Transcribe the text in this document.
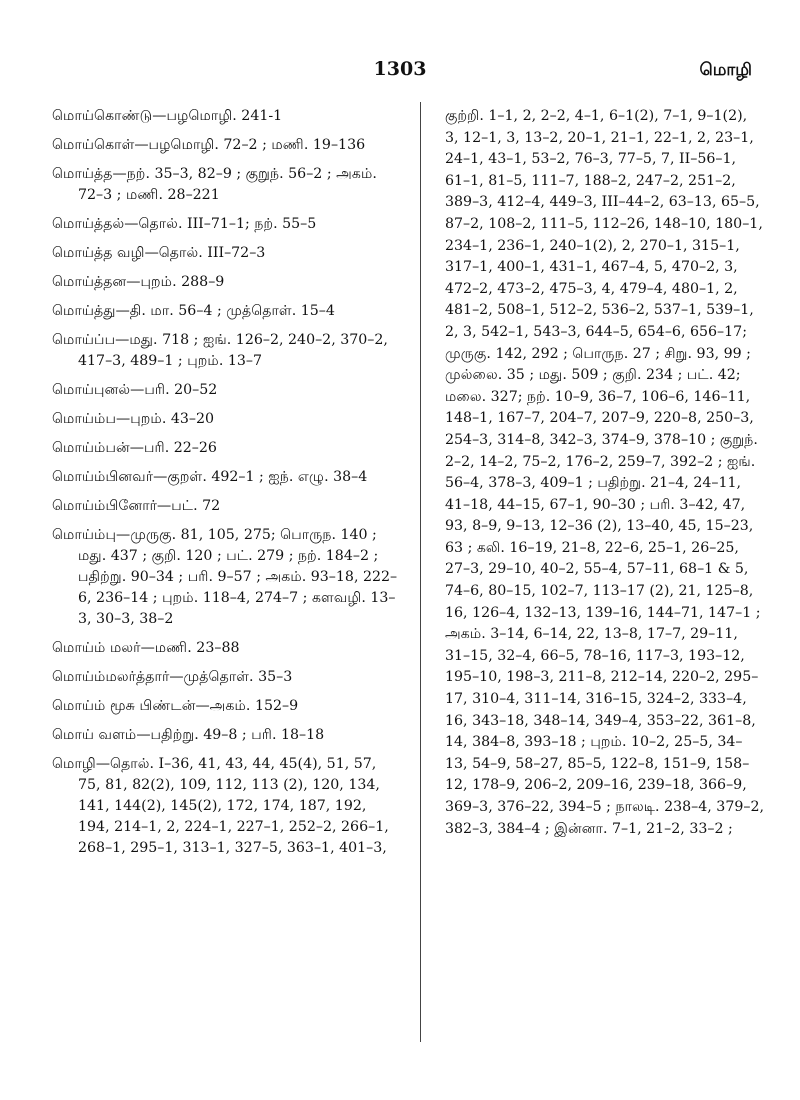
1303	மொழி

மொய்கொண்டு—பழமொழி. 241-1

மொய்கொள்—பழமொழி. 72–2 ; மணி. 19–136

மொய்த்த—நற். 35–3, 82–9 ; குறுந். 56–2 ; அகம். 72–3 ; மணி. 28–221

மொய்த்தல்—தொல். III–71–1; நற். 55–5

மொய்த்த வழி—தொல். III–72–3

மொய்த்தன—புறம். 288–9

மொய்த்து—தி. மா. 56–4 ; முத்தொள். 15–4

மொய்ப்ப—மது. 718 ; ஐங். 126–2, 240–2, 370–2, 417–3, 489–1 ; புறம். 13–7

மொய்புனல்—பரி. 20–52

மொய்ம்ப—புறம். 43–20

மொய்ம்பன்—பரி. 22–26

மொய்ம்பினவர்—குறள். 492–1 ; ஐந். எழு. 38–4

மொய்ம்பினோர்—பட். 72

மொய்ம்பு—முருகு. 81, 105, 275; பொருந. 140 ; மது. 437 ; குறி. 120 ; பட். 279 ; நற். 184–2 ; பதிற்று. 90–34 ; பரி. 9–57 ; அகம். 93–18, 222–6, 236–14 ; புறம். 118–4, 274–7 ; களவழி. 13–3, 30–3, 38–2

மொய்ம் மலர்—மணி. 23–88

மொய்ம்மலர்த்தார்—முத்தொள். 35–3

மொய்ம் மூசு பிண்டன்—அகம். 152–9

மொய் வளம்—பதிற்று. 49–8 ; பரி. 18–18

மொழி—தொல். I–36, 41, 43, 44, 45(4), 51, 57, 75, 81, 82(2), 109, 112, 113 (2), 120, 134, 141, 144(2), 145(2), 172, 174, 187, 192, 194, 214–1, 2, 224–1, 227–1, 252–2, 266–1, 268–1, 295–1, 313–1, 327–5, 363–1, 401–3,

குற்றி. 1–1, 2, 2–2, 4–1, 6–1(2), 7–1, 9–1(2), 3, 12–1, 3, 13–2, 20–1, 21–1, 22–1, 2, 23–1, 24–1, 43–1, 53–2, 76–3, 77–5, 7, II–56–1, 61–1, 81–5, 111–7, 188–2, 247–2, 251–2, 389–3, 412–4, 449–3, III–44–2, 63–13, 65–5, 87–2, 108–2, 111–5, 112–26, 148–10, 180–1, 234–1, 236–1, 240–1(2), 2, 270–1, 315–1, 317–1, 400–1, 431–1, 467–4, 5, 470–2, 3, 472–2, 473–2, 475–3, 4, 479–4, 480–1, 2, 481–2, 508–1, 512–2, 536–2, 537–1, 539–1, 2, 3, 542–1, 543–3, 644–5, 654–6, 656–17; முருகு. 142, 292 ; பொருந. 27 ; சிறு. 93, 99 ; முல்லை. 35 ; மது. 509 ; குறி. 234 ; பட். 42; மலை. 327; நற். 10–9, 36–7, 106–6, 146–11, 148–1, 167–7, 204–7, 207–9, 220–8, 250–3, 254–3, 314–8, 342–3, 374–9, 378–10 ; குறுந். 2–2, 14–2, 75–2, 176–2, 259–7, 392–2 ; ஐங். 56–4, 378–3, 409–1 ; பதிற்று. 21–4, 24–11, 41–18, 44–15, 67–1, 90–30 ; பரி. 3–42, 47, 93, 8–9, 9–13, 12–36 (2), 13–40, 45, 15–23, 63 ; கலி. 16–19, 21–8, 22–6, 25–1, 26–25, 27–3, 29–10, 40–2, 55–4, 57–11, 68–1 & 5, 74–6, 80–15, 102–7, 113–17 (2), 21, 125–8, 16, 126–4, 132–13, 139–16, 144–71, 147–1 ; அகம். 3–14, 6–14, 22, 13–8, 17–7, 29–11, 31–15, 32–4, 66–5, 78–16, 117–3, 193–12, 195–10, 198–3, 211–8, 212–14, 220–2, 295–17, 310–4, 311–14, 316–15, 324–2, 333–4, 16, 343–18, 348–14, 349–4, 353–22, 361–8, 14, 384–8, 393–18 ; புறம். 10–2, 25–5, 34–13, 54–9, 58–27, 85–5, 122–8, 151–9, 158–12, 178–9, 206–2, 209–16, 239–18, 366–9, 369–3, 376–22, 394–5 ; நாலடி. 238–4, 379–2, 382–3, 384–4 ; இன்னா. 7–1, 21–2, 33–2 ;
